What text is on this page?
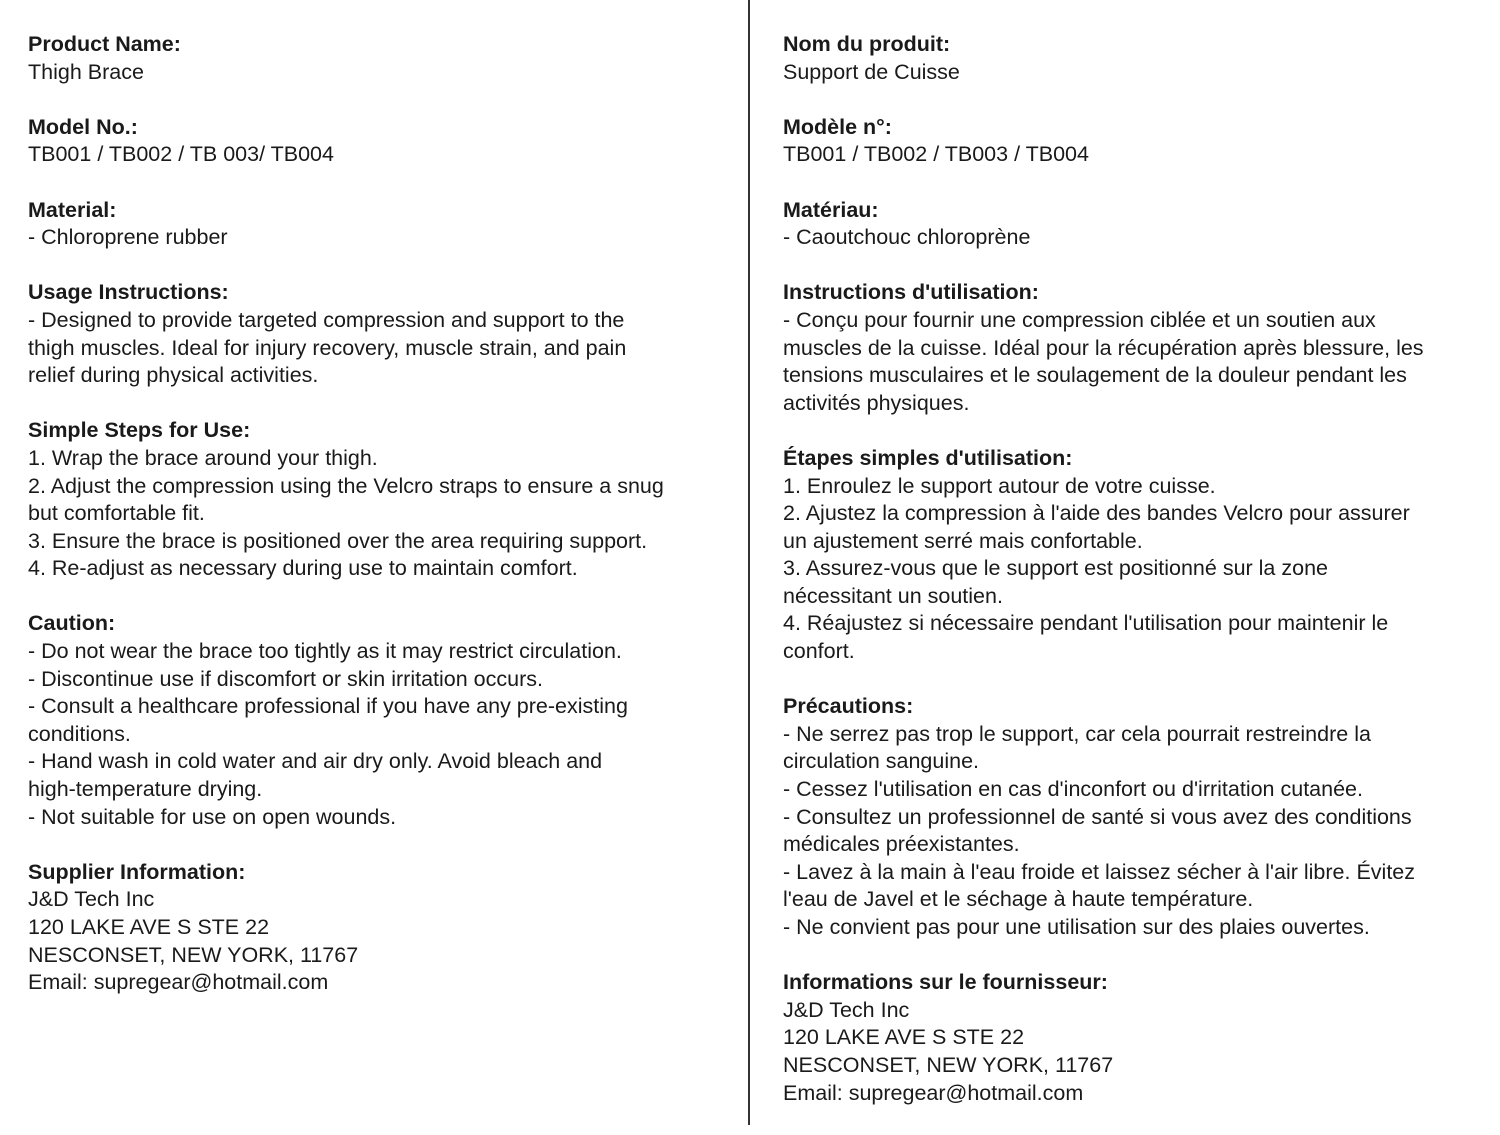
Product Name:
Thigh Brace
Model No.:
TB001 / TB002 / TB 003/ TB004
Material:
- Chloroprene rubber
Usage Instructions:
- Designed to provide targeted compression and support to the
thigh muscles. Ideal for injury recovery, muscle strain, and pain
relief during physical activities.
Simple Steps for Use:
1. Wrap the brace around your thigh.
2. Adjust the compression using the Velcro straps to ensure a snug
but comfortable fit.
3. Ensure the brace is positioned over the area requiring support.
4. Re-adjust as necessary during use to maintain comfort.
Caution:
- Do not wear the brace too tightly as it may restrict circulation.
- Discontinue use if discomfort or skin irritation occurs.
- Consult a healthcare professional if you have any pre-existing
conditions.
- Hand wash in cold water and air dry only. Avoid bleach and
high-temperature drying.
- Not suitable for use on open wounds.
Supplier Information:
J&D Tech Inc
120 LAKE AVE S STE 22
NESCONSET, NEW YORK, 11767
Email: supregear@hotmail.com
Nom du produit:
Support de Cuisse
Modèle n°:
TB001 / TB002 / TB003 / TB004
Matériau:
- Caoutchouc chloroprène
Instructions d'utilisation:
- Conçu pour fournir une compression ciblée et un soutien aux
muscles de la cuisse. Idéal pour la récupération après blessure, les
tensions musculaires et le soulagement de la douleur pendant les
activités physiques.
Étapes simples d'utilisation:
1. Enroulez le support autour de votre cuisse.
2. Ajustez la compression à l'aide des bandes Velcro pour assurer
un ajustement serré mais confortable.
3. Assurez-vous que le support est positionné sur la zone
nécessitant un soutien.
4. Réajustez si nécessaire pendant l'utilisation pour maintenir le
confort.
Précautions:
- Ne serrez pas trop le support, car cela pourrait restreindre la
circulation sanguine.
- Cessez l'utilisation en cas d'inconfort ou d'irritation cutanée.
- Consultez un professionnel de santé si vous avez des conditions
médicales préexistantes.
- Lavez à la main à l'eau froide et laissez sécher à l'air libre. Évitez
l'eau de Javel et le séchage à haute température.
- Ne convient pas pour une utilisation sur des plaies ouvertes.
Informations sur le fournisseur:
J&D Tech Inc
120 LAKE AVE S STE 22
NESCONSET, NEW YORK, 11767
Email: supregear@hotmail.com
